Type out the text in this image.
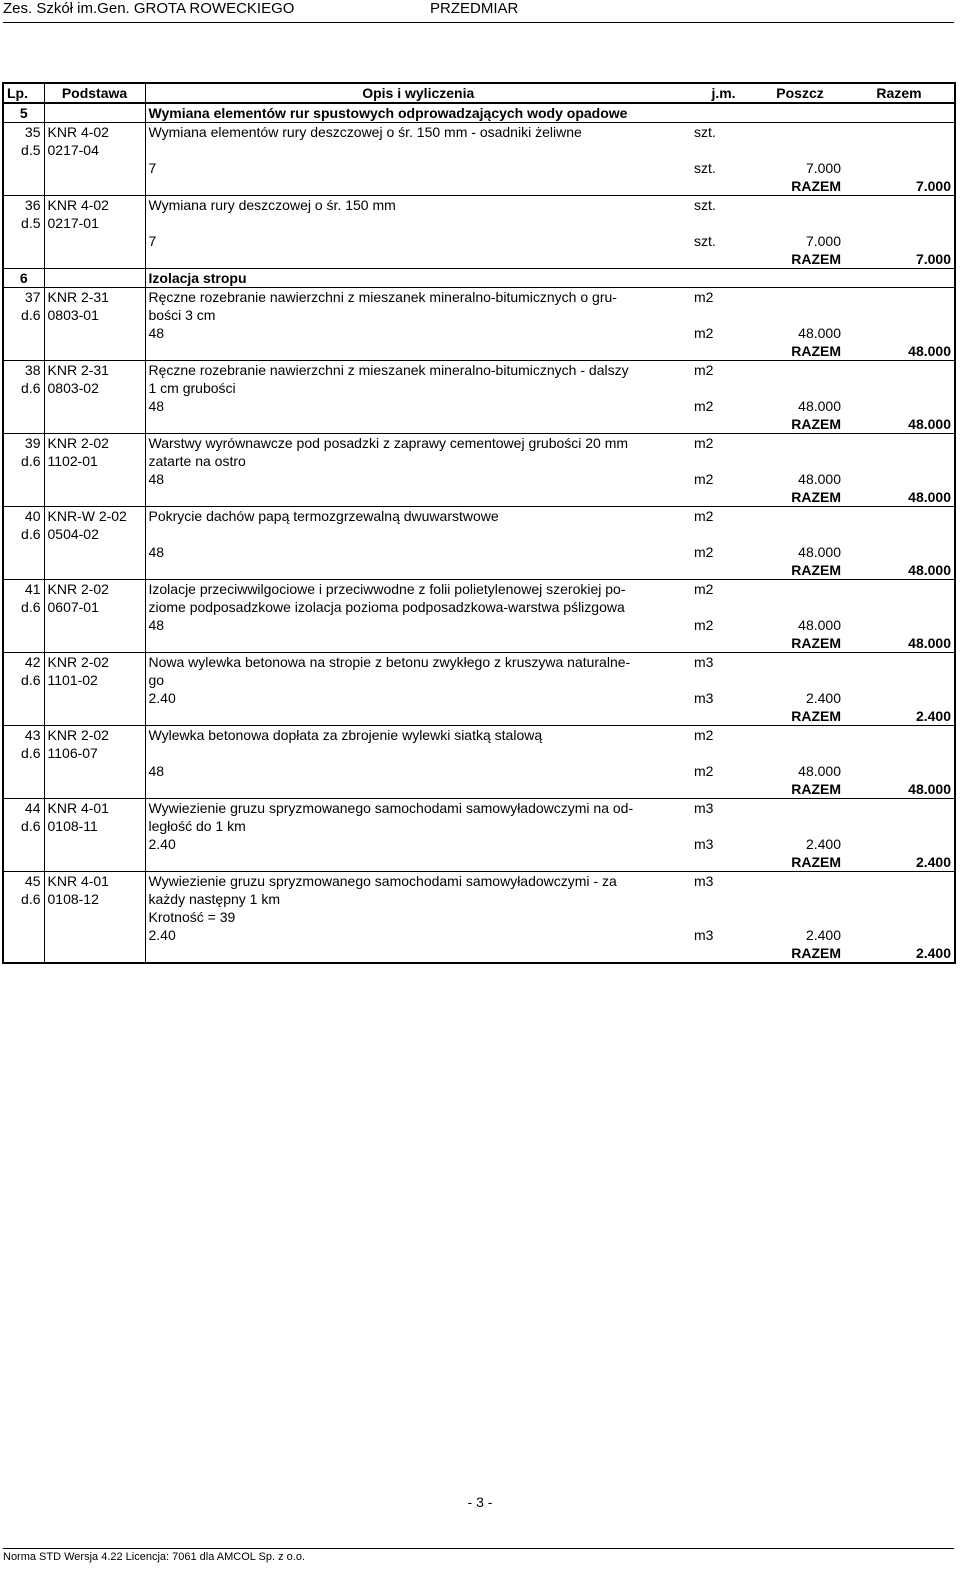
Zes. Szkół im.Gen. GROTA ROWECKIEGO	PRZEDMIAR
Lp.	Podstawa	Opis i wyliczenia	j.m.	Poszcz	Razem
5		Wymiana elementów rur spustowych odprowadzających wody opadowe			
35	KNR 4-02	Wymiana elementów rury deszczowej o śr. 150 mm - osadniki żeliwne	szt.		
d.5	0217-04				
		7	szt.	7.000	
				RAZEM	7.000
36	KNR 4-02	Wymiana rury deszczowej o śr. 150 mm	szt.		
d.5	0217-01				
		7	szt.	7.000	
				RAZEM	7.000
6		Izolacja stropu			
37	KNR 2-31	Ręczne rozebranie nawierzchni z mieszanek mineralno-bitumicznych o gru-	m2		
d.6	0803-01	bości 3 cm			
		48	m2	48.000	
				RAZEM	48.000
38	KNR 2-31	Ręczne rozebranie nawierzchni z mieszanek mineralno-bitumicznych - dalszy	m2		
d.6	0803-02	1 cm grubości			
		48	m2	48.000	
				RAZEM	48.000
39	KNR 2-02	Warstwy wyrównawcze pod posadzki z zaprawy cementowej grubości 20 mm	m2		
d.6	1102-01	zatarte na ostro			
		48	m2	48.000	
				RAZEM	48.000
40	KNR-W 2-02	Pokrycie dachów papą termozgrzewalną dwuwarstwowe	m2		
d.6	0504-02				
		48	m2	48.000	
				RAZEM	48.000
41	KNR 2-02	Izolacje przeciwwilgociowe i przeciwwodne z folii polietylenowej szerokiej po-	m2		
d.6	0607-01	ziome podposadzkowe izolacja pozioma podposadzkowa-warstwa pślizgowa			
		48	m2	48.000	
				RAZEM	48.000
42	KNR 2-02	Nowa wylewka betonowa na stropie z betonu zwykłego z kruszywa naturalne-	m3		
d.6	1101-02	go			
		2.40	m3	2.400	
				RAZEM	2.400
43	KNR 2-02	Wylewka betonowa dopłata za zbrojenie wylewki siatką stalową	m2		
d.6	1106-07				
		48	m2	48.000	
				RAZEM	48.000
44	KNR 4-01	Wywiezienie gruzu spryzmowanego samochodami samowyładowczymi na od-	m3		
d.6	0108-11	ległość do 1 km			
		2.40	m3	2.400	
				RAZEM	2.400
45	KNR 4-01	Wywiezienie gruzu spryzmowanego samochodami samowyładowczymi - za	m3		
d.6	0108-12	każdy następny 1 km			
		Krotność = 39			
		2.40	m3	2.400	
				RAZEM	2.400
- 3 -
Norma STD Wersja 4.22 Licencja: 7061 dla AMCOL Sp. z o.o.
